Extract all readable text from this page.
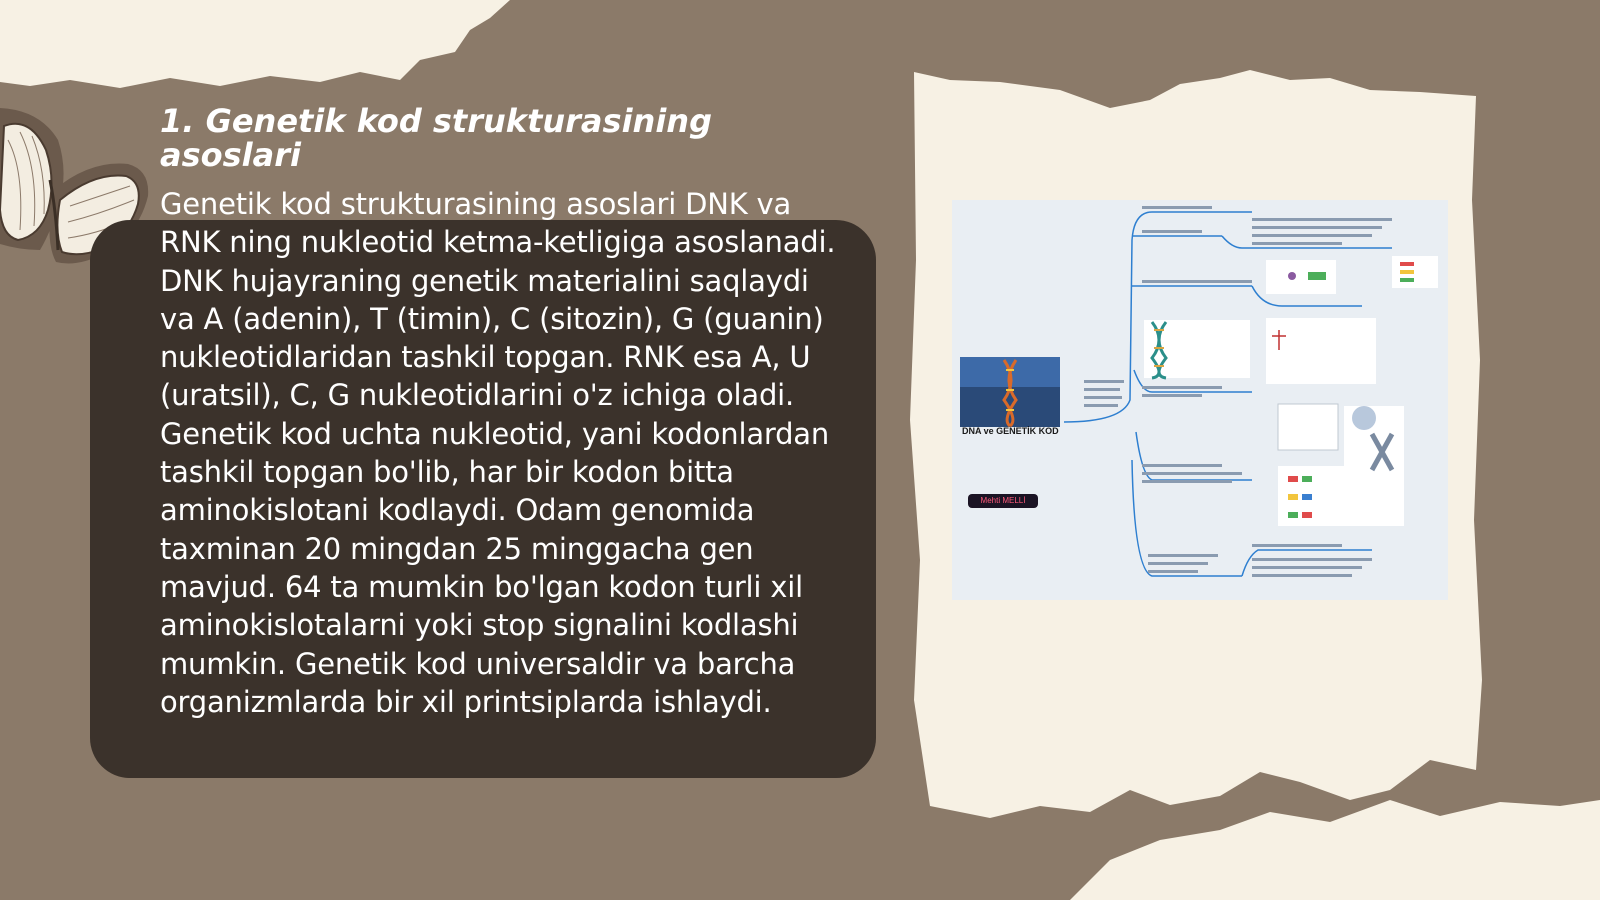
1. Genetik kod strukturasining asoslari

Genetik kod strukturasining asoslari DNK va RNK ning nukleotid ketma-ketligiga asoslanadi. DNK hujayraning genetik materialini saqlaydi va A (adenin), T (timin), C (sitozin), G (guanin) nukleotidlaridan tashkil topgan. RNK esa A, U (uratsil), C, G nukleotidlarini o'z ichiga oladi. Genetik kod uchta nukleotid, yani kodonlardan tashkil topgan bo'lib, har bir kodon bitta aminokislotani kodlaydi. Odam genomida taxminan 20 mingdan 25 minggacha gen mavjud. 64 ta mumkin bo'lgan kodon turli xil aminokislotalarni yoki stop signalini kodlashi mumkin. Genetik kod universaldir va barcha organizmlarda bir xil printsiplarda ishlaydi.

DNA ve GENETİK KOD
Mehti MELLİ
